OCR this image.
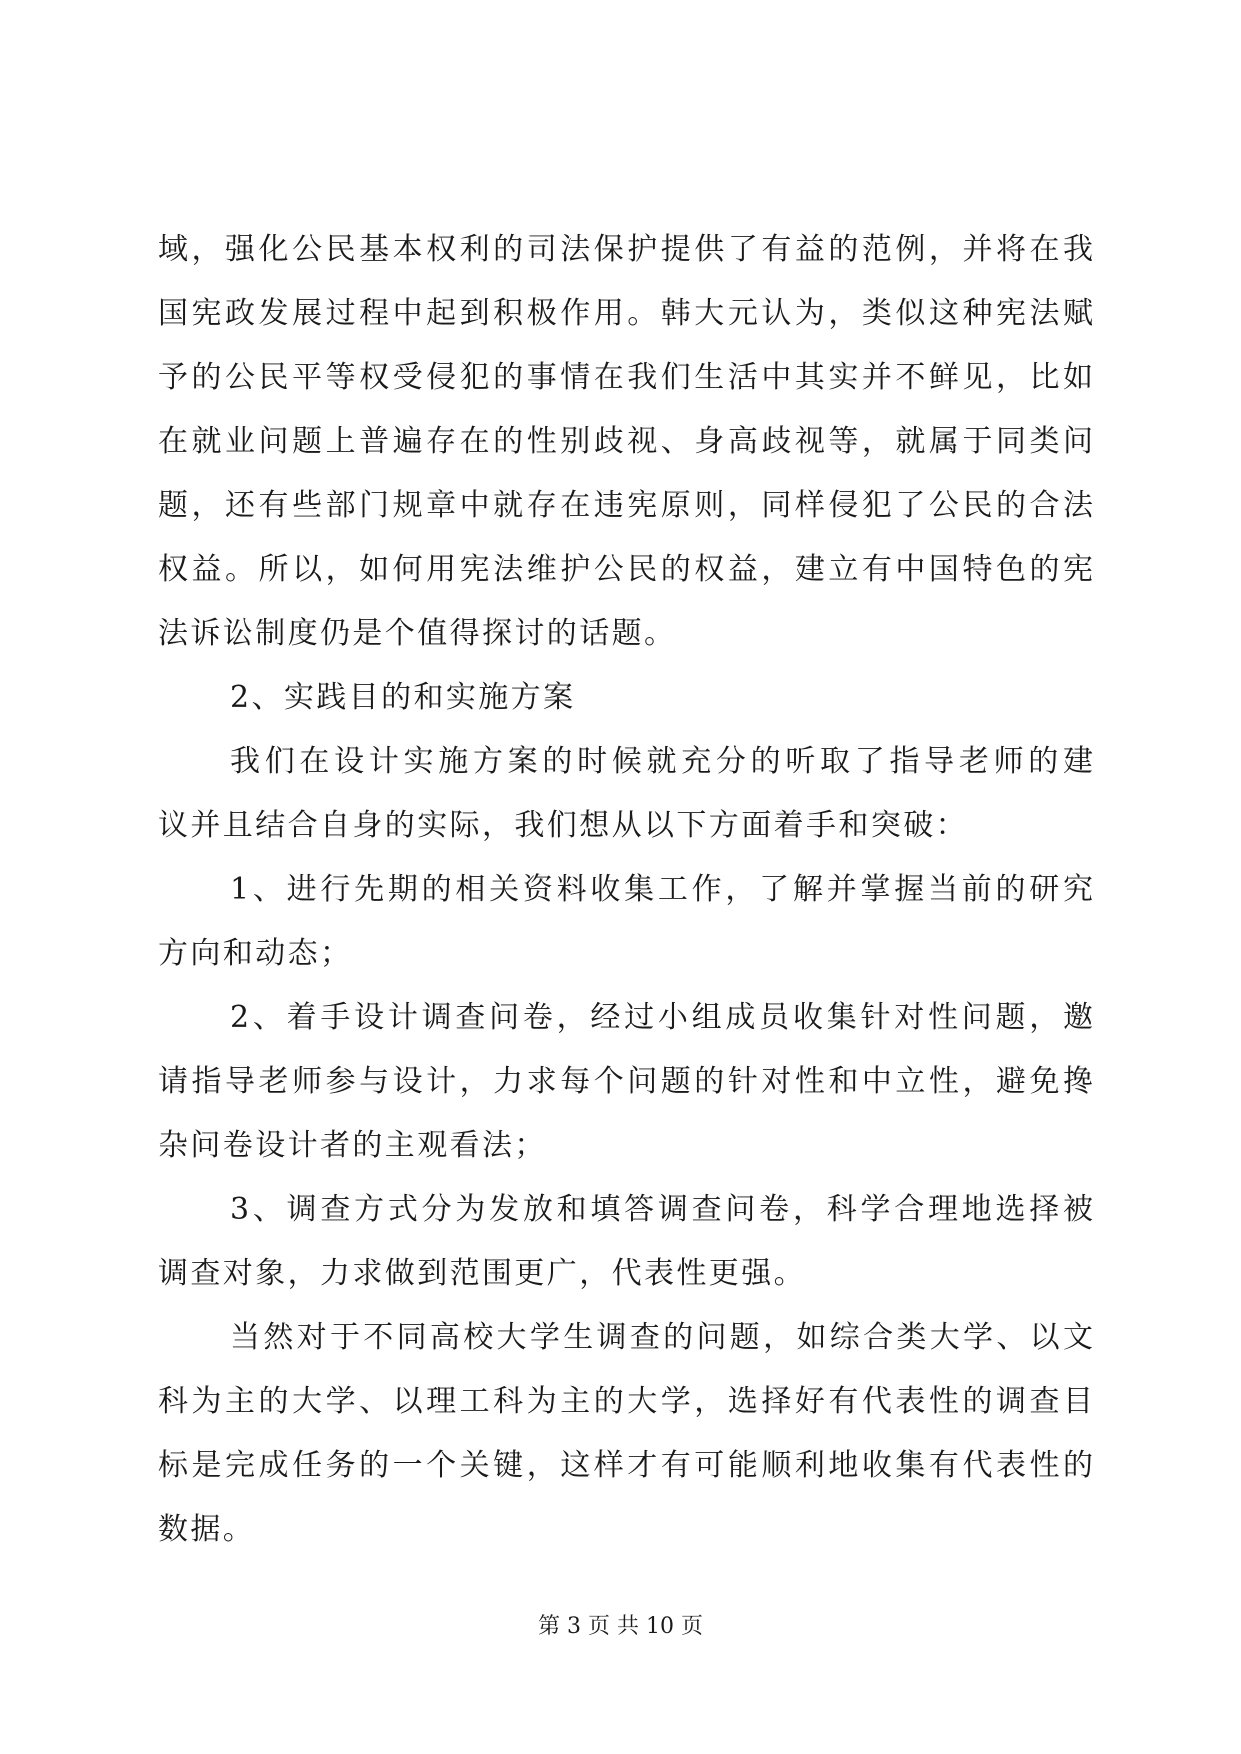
域，强化公民基本权利的司法保护提供了有益的范例，并将在我
国宪政发展过程中起到积极作用。韩大元认为，类似这种宪法赋
予的公民平等权受侵犯的事情在我们生活中其实并不鲜见，比如
在就业问题上普遍存在的性别歧视、身高歧视等，就属于同类问
题，还有些部门规章中就存在违宪原则，同样侵犯了公民的合法
权益。所以，如何用宪法维护公民的权益，建立有中国特色的宪
法诉讼制度仍是个值得探讨的话题。
2、实践目的和实施方案
我们在设计实施方案的时候就充分的听取了指导老师的建
议并且结合自身的实际，我们想从以下方面着手和突破：
1、进行先期的相关资料收集工作，了解并掌握当前的研究
方向和动态；
2、着手设计调查问卷，经过小组成员收集针对性问题，邀
请指导老师参与设计，力求每个问题的针对性和中立性，避免搀
杂问卷设计者的主观看法；
3、调查方式分为发放和填答调查问卷，科学合理地选择被
调查对象，力求做到范围更广，代表性更强。
当然对于不同高校大学生调查的问题，如综合类大学、以文
科为主的大学、以理工科为主的大学，选择好有代表性的调查目
标是完成任务的一个关键，这样才有可能顺利地收集有代表性的
数据。
第 3 页 共 10 页
